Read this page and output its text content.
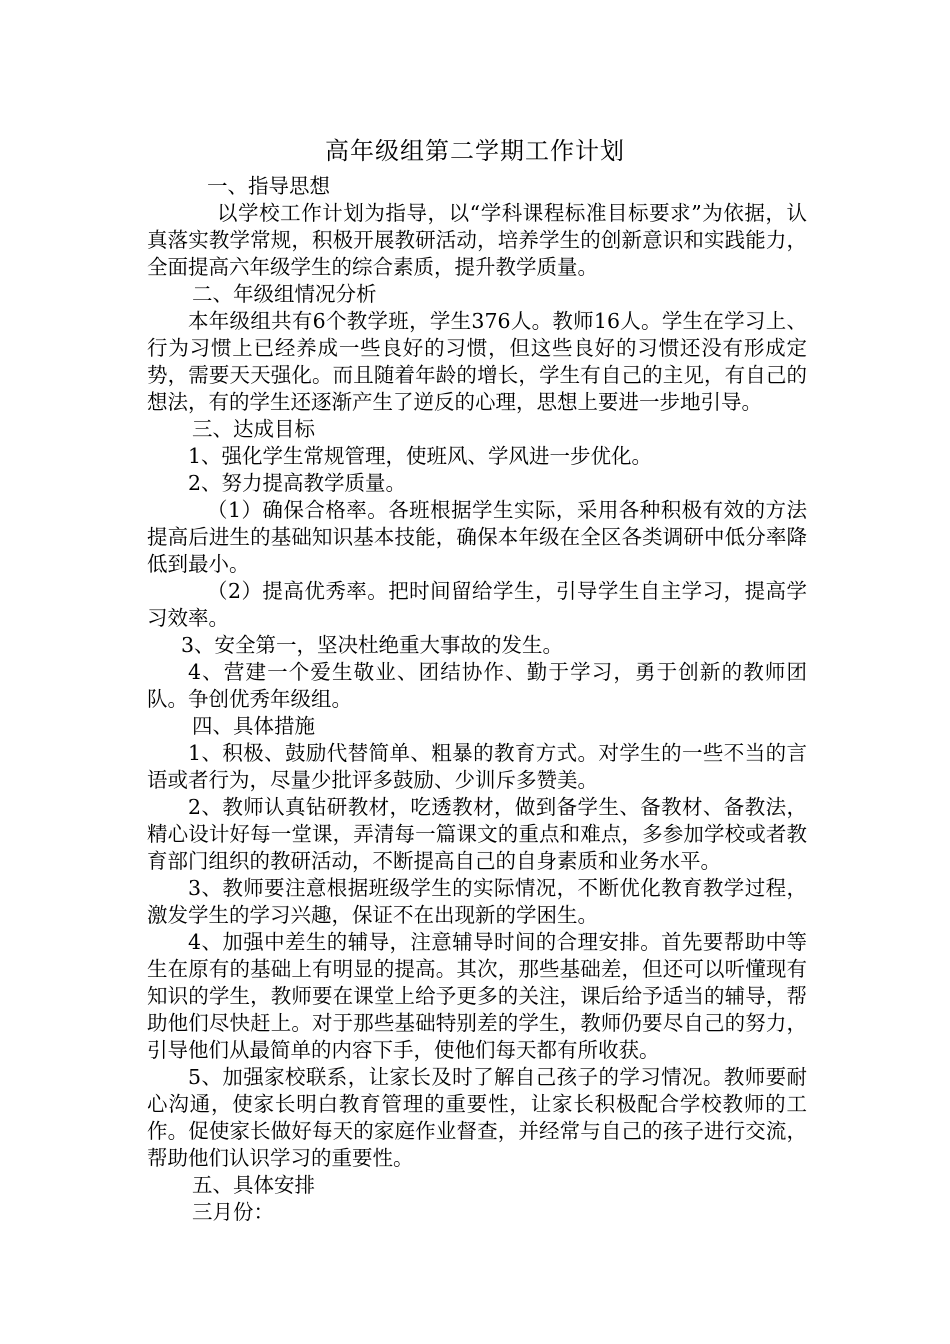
高年级组第二学期工作计划

一、指导思想

以学校工作计划为指导，以“学科课程标准目标要求”为依据，认真落实教学常规，积极开展教研活动，培养学生的创新意识和实践能力，全面提高六年级学生的综合素质，提升教学质量。

二、年级组情况分析

本年级组共有6个教学班，学生376人。教师16人。学生在学习上、行为习惯上已经养成一些良好的习惯，但这些良好的习惯还没有形成定势，需要天天强化。而且随着年龄的增长，学生有自己的主见，有自己的想法，有的学生还逐渐产生了逆反的心理，思想上要进一步地引导。

三、达成目标

1、强化学生常规管理，使班风、学风进一步优化。

2、努力提高教学质量。

（1）确保合格率。各班根据学生实际，采用各种积极有效的方法提高后进生的基础知识基本技能，确保本年级在全区各类调研中低分率降低到最小。

（2）提高优秀率。把时间留给学生，引导学生自主学习，提高学习效率。

3、安全第一，坚决杜绝重大事故的发生。

4、营建一个爱生敬业、团结协作、勤于学习，勇于创新的教师团队。争创优秀年级组。

四、具体措施

1、积极、鼓励代替简单、粗暴的教育方式。对学生的一些不当的言语或者行为，尽量少批评多鼓励、少训斥多赞美。

2、教师认真钻研教材，吃透教材，做到备学生、备教材、备教法，精心设计好每一堂课，弄清每一篇课文的重点和难点，多参加学校或者教育部门组织的教研活动，不断提高自己的自身素质和业务水平。

3、教师要注意根据班级学生的实际情况，不断优化教育教学过程，激发学生的学习兴趣，保证不在出现新的学困生。

4、加强中差生的辅导，注意辅导时间的合理安排。首先要帮助中等生在原有的基础上有明显的提高。其次，那些基础差，但还可以听懂现有知识的学生，教师要在课堂上给予更多的关注，课后给予适当的辅导，帮助他们尽快赶上。对于那些基础特别差的学生，教师仍要尽自己的努力，引导他们从最简单的内容下手，使他们每天都有所收获。

5、加强家校联系，让家长及时了解自己孩子的学习情况。教师要耐心沟通，使家长明白教育管理的重要性，让家长积极配合学校教师的工作。促使家长做好每天的家庭作业督查，并经常与自己的孩子进行交流，帮助他们认识学习的重要性。

五、具体安排

三月份：
